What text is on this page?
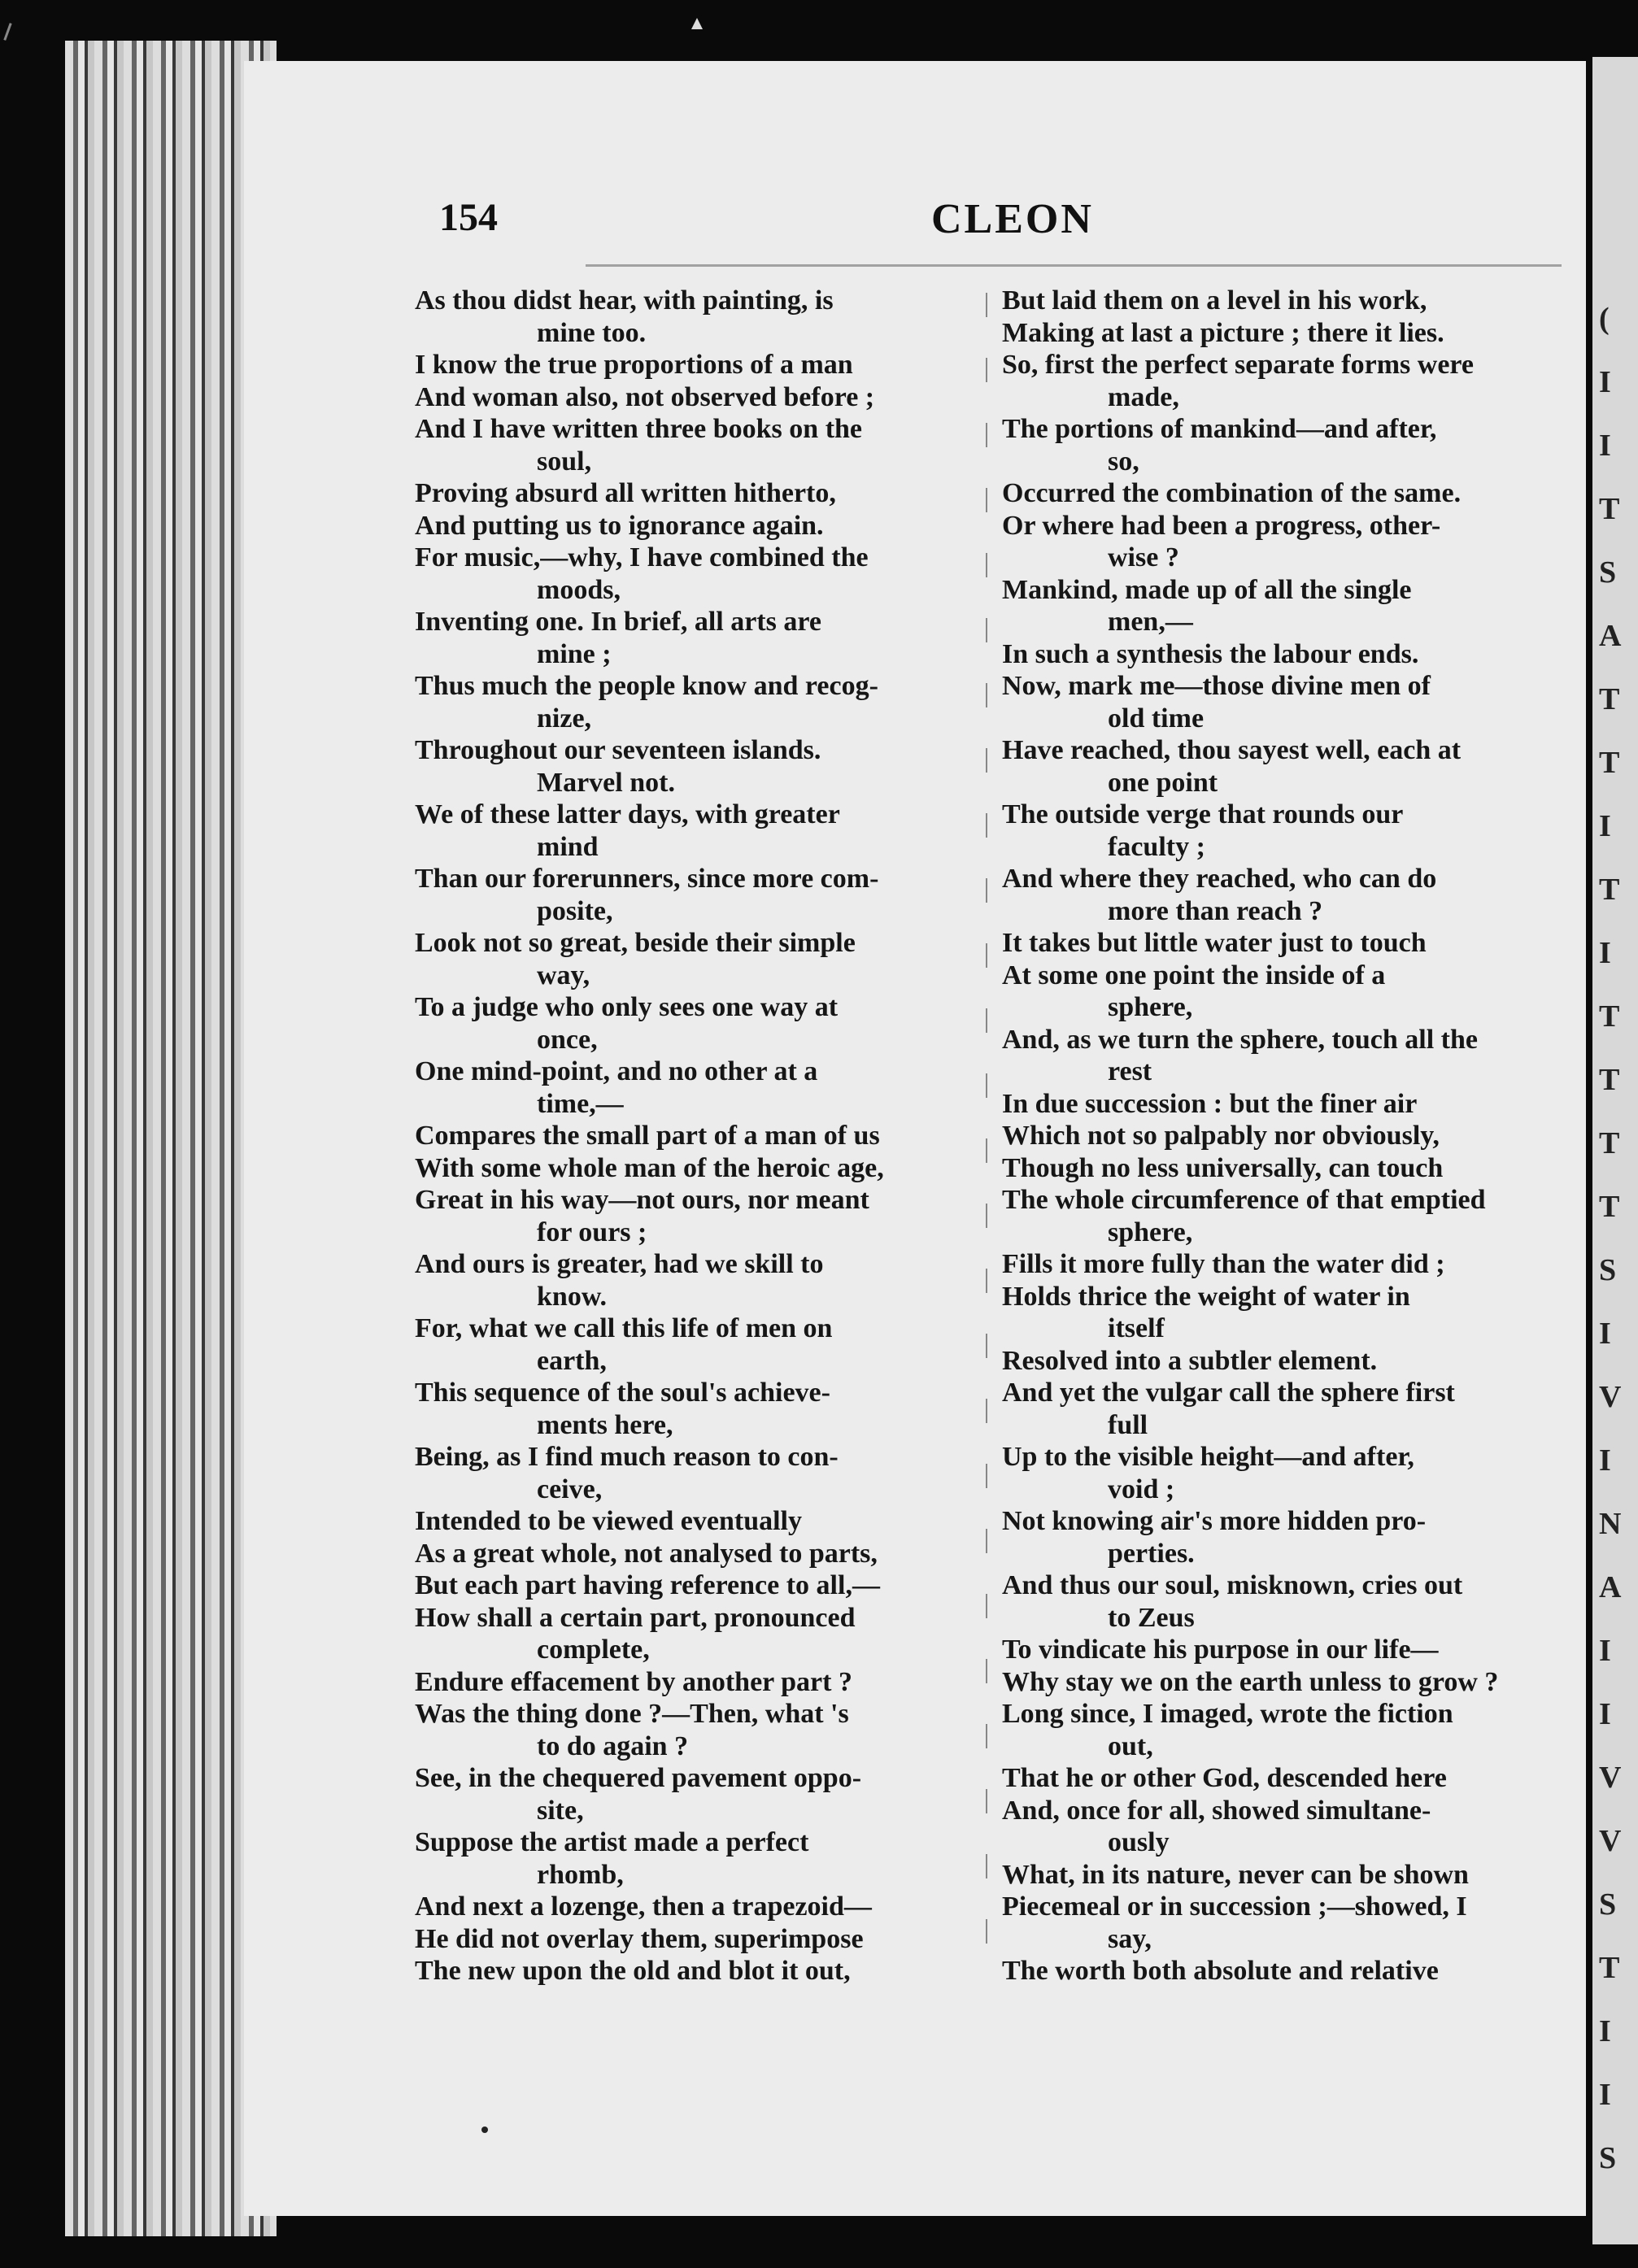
(
I
I
T
S
A
T
T
I
T
I
T
T
T
T
S
I
V
I
N
A
I
I
V
V
S
T
I
I
S
154	CLEON
As thou didst hear, with painting, is
mine too.
I know the true proportions of a man
And woman also, not observed before ;
And I have written three books on the
soul,
Proving absurd all written hitherto,
And putting us to ignorance again.
For music,—why, I have combined the
moods,
Inventing one. In brief, all arts are
mine ;
Thus much the people know and recog-
nize,
Throughout our seventeen islands.
Marvel not.
We of these latter days, with greater
mind
Than our forerunners, since more com-
posite,
Look not so great, beside their simple
way,
To a judge who only sees one way at
once,
One mind-point, and no other at a
time,—
Compares the small part of a man of us
With some whole man of the heroic age,
Great in his way—not ours, nor meant
for ours ;
And ours is greater, had we skill to
know.
For, what we call this life of men on
earth,
This sequence of the soul's achieve-
ments here,
Being, as I find much reason to con-
ceive,
Intended to be viewed eventually
As a great whole, not analysed to parts,
But each part having reference to all,—
How shall a certain part, pronounced
complete,
Endure effacement by another part ?
Was the thing done ?—Then, what 's
to do again ?
See, in the chequered pavement oppo-
site,
Suppose the artist made a perfect
rhomb,
And next a lozenge, then a trapezoid—
He did not overlay them, superimpose
The new upon the old and blot it out,
But laid them on a level in his work,
Making at last a picture ; there it lies.
So, first the perfect separate forms were
made,
The portions of mankind—and after,
so,
Occurred the combination of the same.
Or where had been a progress, other-
wise ?
Mankind, made up of all the single
men,—
In such a synthesis the labour ends.
Now, mark me—those divine men of
old time
Have reached, thou sayest well, each at
one point
The outside verge that rounds our
faculty ;
And where they reached, who can do
more than reach ?
It takes but little water just to touch
At some one point the inside of a
sphere,
And, as we turn the sphere, touch all the
rest
In due succession : but the finer air
Which not so palpably nor obviously,
Though no less universally, can touch
The whole circumference of that emptied
sphere,
Fills it more fully than the water did ;
Holds thrice the weight of water in
itself
Resolved into a subtler element.
And yet the vulgar call the sphere first
full
Up to the visible height—and after,
void ;
Not knowing air's more hidden pro-
perties.
And thus our soul, misknown, cries out
to Zeus
To vindicate his purpose in our life—
Why stay we on the earth unless to grow ?
Long since, I imaged, wrote the fiction
out,
That he or other God, descended here
And, once for all, showed simultane-
ously
What, in its nature, never can be shown
Piecemeal or in succession ;—showed, I
say,
The worth both absolute and relative
